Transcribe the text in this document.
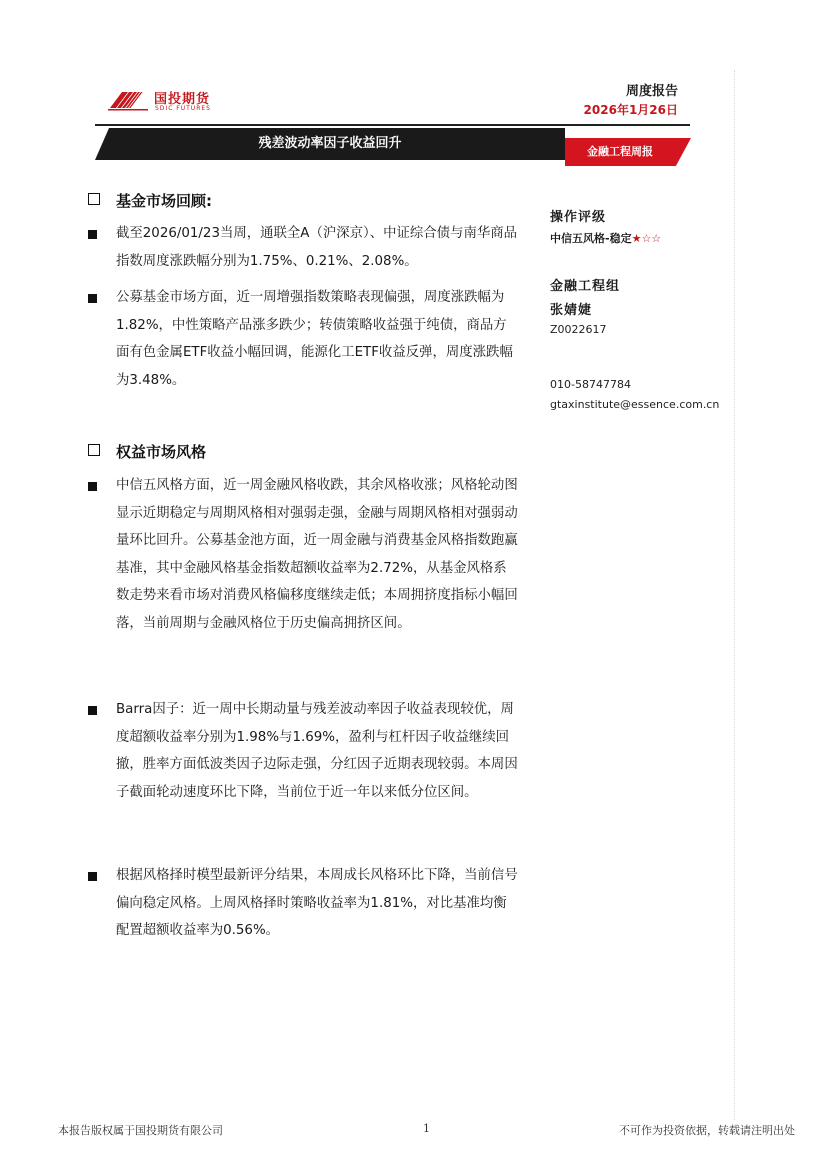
国投期货
SDIC FUTURES
周度报告
2026年1月26日
残差波动率因子收益回升
金融工程周报
基金市场回顾:
截至2026/01/23当周，通联全A（沪深京）、中证综合债与南华商品指数周度涨跌幅分别为1.75%、0.21%、2.08%。
公募基金市场方面，近一周增强指数策略表现偏强，周度涨跌幅为1.82%，中性策略产品涨多跌少；转债策略收益强于纯债，商品方面有色金属ETF收益小幅回调，能源化工ETF收益反弹，周度涨跌幅为3.48%。
权益市场风格
中信五风格方面，近一周金融风格收跌，其余风格收涨；风格轮动图显示近期稳定与周期风格相对强弱走强，金融与周期风格相对强弱动量环比回升。公募基金池方面，近一周金融与消费基金风格指数跑赢基准，其中金融风格基金指数超额收益率为2.72%，从基金风格系数走势来看市场对消费风格偏移度继续走低；本周拥挤度指标小幅回落，当前周期与金融风格位于历史偏高拥挤区间。
Barra因子：近一周中长期动量与残差波动率因子收益表现较优，周度超额收益率分别为1.98%与1.69%，盈利与杠杆因子收益继续回撤，胜率方面低波类因子边际走强，分红因子近期表现较弱。本周因子截面轮动速度环比下降，当前位于近一年以来低分位区间。
根据风格择时模型最新评分结果，本周成长风格环比下降，当前信号偏向稳定风格。上周风格择时策略收益率为1.81%，对比基准均衡配置超额收益率为0.56%。
操作评级
中信五风格-稳定★☆☆
金融工程组
张婧婕
Z0022617
010-58747784
gtaxinstitute@essence.com.cn
本报告版权属于国投期货有限公司	1	不可作为投资依据，转载请注明出处
